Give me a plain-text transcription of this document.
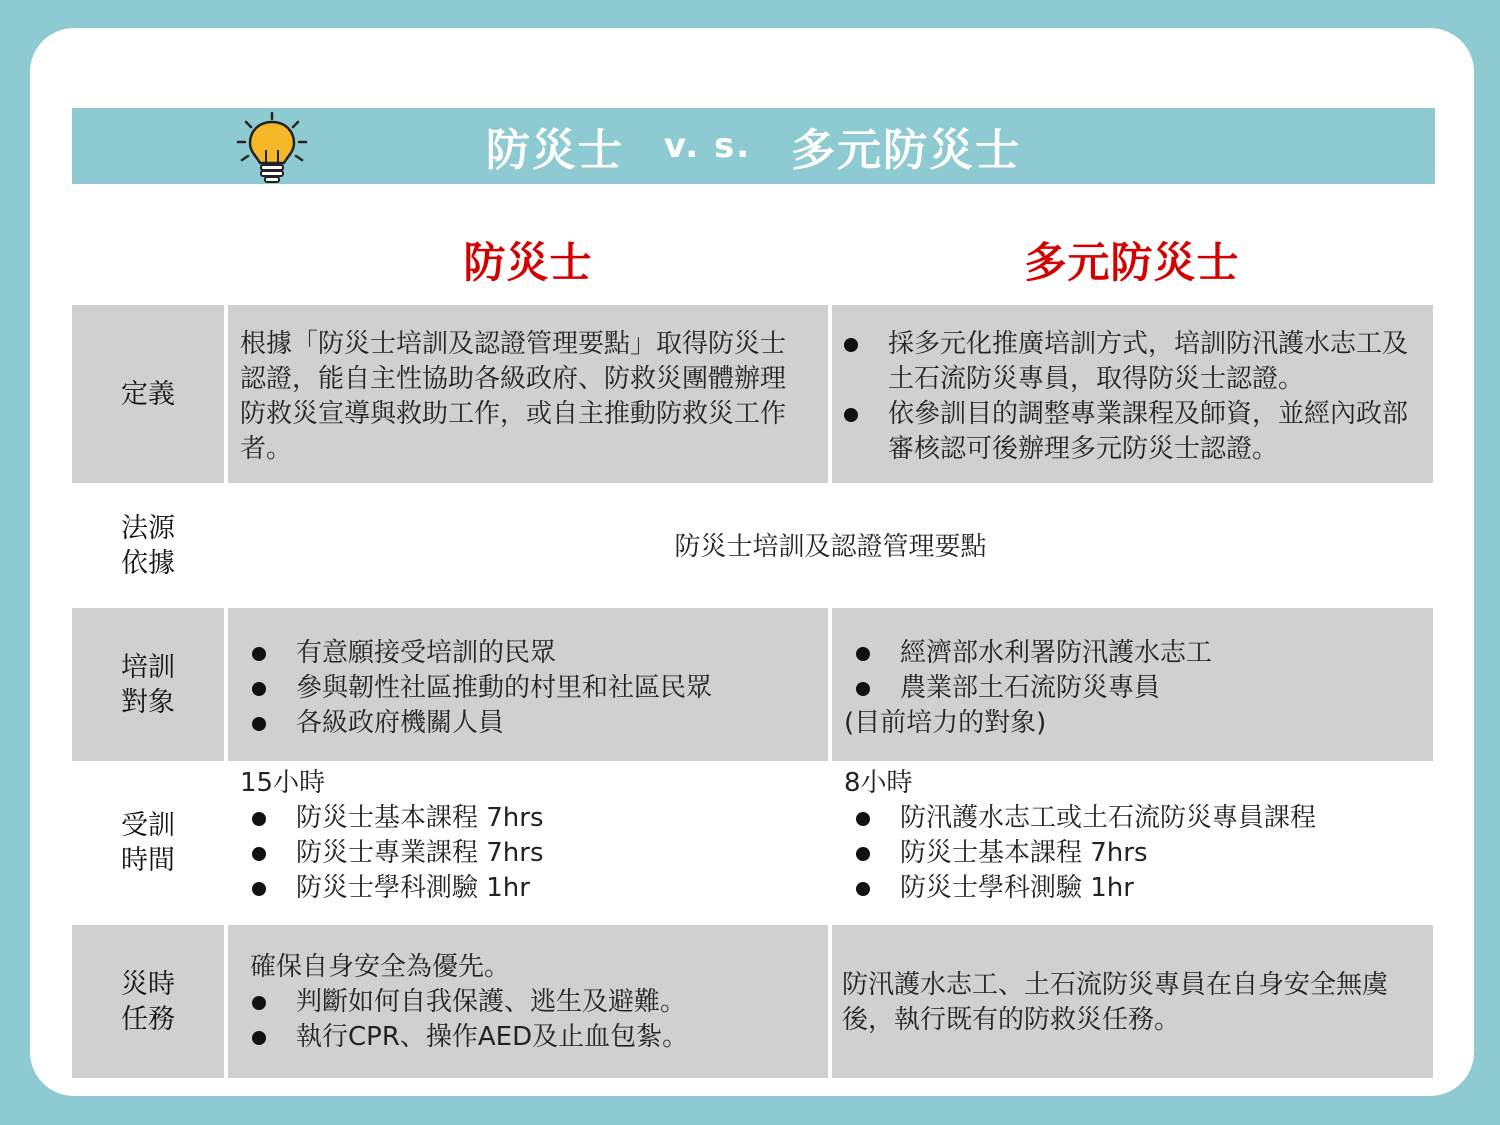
防災士 v. s. 多元防災士
防災士	多元防災士
定義
根據「防災士培訓及認證管理要點」取得防災士認證，能自主性協助各級政府、防救災團體辦理防救災宣導與救助工作，或自主推動防救災工作者。
採多元化推廣培訓方式，培訓防汛護水志工及土石流防災專員，取得防災士認證。
依參訓目的調整專業課程及師資，並經內政部審核認可後辦理多元防災士認證。
法源
依據
防災士培訓及認證管理要點
培訓
對象
有意願接受培訓的民眾
參與韌性社區推動的村里和社區民眾
各級政府機關人員
經濟部水利署防汛護水志工
農業部土石流防災專員
(目前培力的對象)
受訓
時間
15小時
防災士基本課程 7hrs
防災士專業課程 7hrs
防災士學科測驗 1hr
8小時
防汛護水志工或土石流防災專員課程
防災士基本課程 7hrs
防災士學科測驗 1hr
災時
任務
確保自身安全為優先。
判斷如何自我保護、逃生及避難。
執行CPR、操作AED及止血包紮。
防汛護水志工、土石流防災專員在自身安全無虞後，執行既有的防救災任務。
